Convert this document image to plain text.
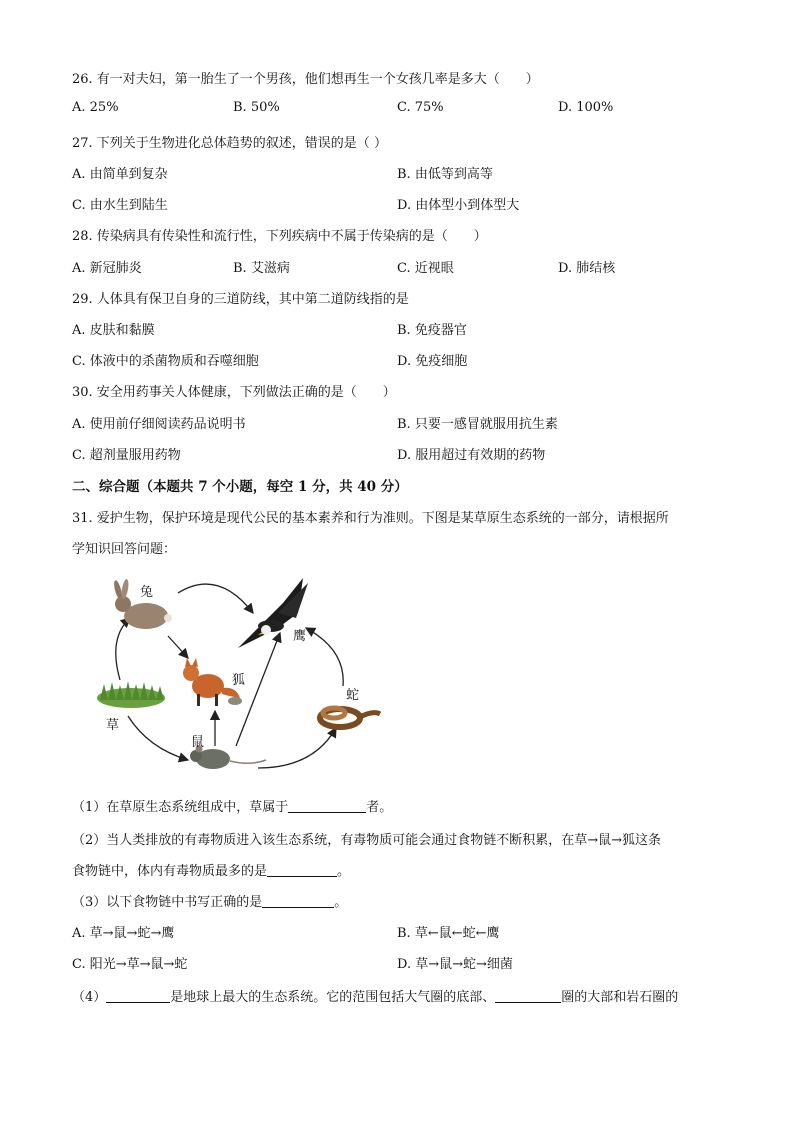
26. 有一对夫妇，第一胎生了一个男孩，他们想再生一个女孩几率是多大（　　）
A. 25%	B. 50%	C. 75%	D. 100%
27. 下列关于生物进化总体趋势的叙述，错误的是（ ）
A. 由简单到复杂	B. 由低等到高等
C. 由水生到陆生	D. 由体型小到体型大
28. 传染病具有传染性和流行性，下列疾病中不属于传染病的是（　　）
A. 新冠肺炎	B. 艾滋病	C. 近视眼	D. 肺结核
29. 人体具有保卫自身的三道防线，其中第二道防线指的是
A. 皮肤和黏膜	B. 免疫器官
C. 体液中的杀菌物质和吞噬细胞	D. 免疫细胞
30. 安全用药事关人体健康，下列做法正确的是（　　）
A. 使用前仔细阅读药品说明书	B. 只要一感冒就服用抗生素
C. 超剂量服用药物	D. 服用超过有效期的药物
二、综合题（本题共 7 个小题，每空 1 分，共 40 分）
31. 爱护生物，保护环境是现代公民的基本素养和行为准则。下图是某草原生态系统的一部分，请根据所
学知识回答问题：
兔
鹰
狐
蛇
草
鼠
（1）在草原生态系统组成中，草属于	者。
（2）当人类排放的有毒物质进入该生态系统，有毒物质可能会通过食物链不断积累，在草→鼠→狐这条
食物链中，体内有毒物质最多的是	。
（3）以下食物链中书写正确的是	。
A. 草→鼠→蛇→鹰	B. 草←鼠←蛇←鹰
C. 阳光→草→鼠→蛇	D. 草→鼠→蛇→细菌
（4）	是地球上最大的生态系统。它的范围包括大气圈的底部、	圈的大部和岩石圈的
